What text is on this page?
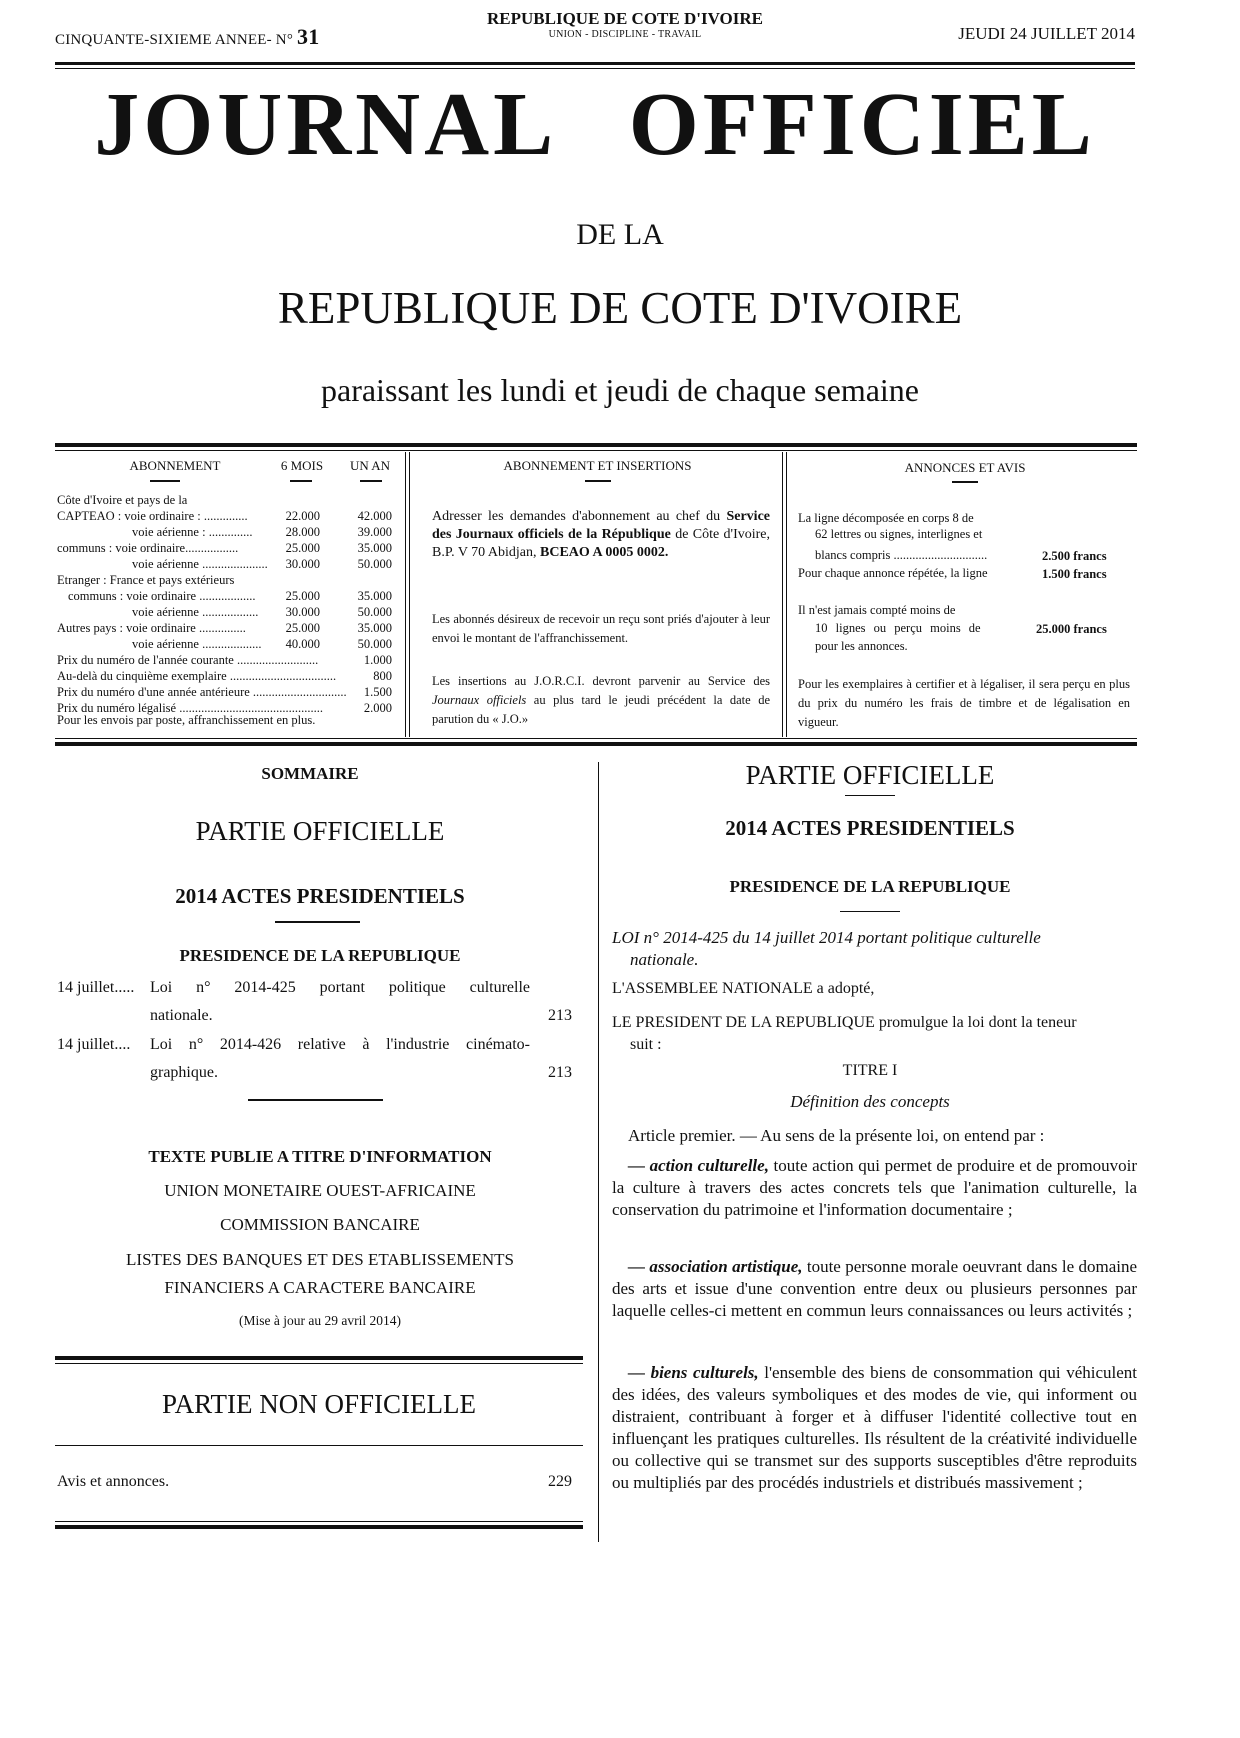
CINQUANTE-SIXIEME ANNEE- N° 31
REPUBLIQUE DE COTE D'IVOIRE
UNION - DISCIPLINE - TRAVAIL	JEUDI 24 JUILLET 2014
JOURNAL OFFICIEL
DE LA
REPUBLIQUE DE COTE D'IVOIRE
paraissant les lundi et jeudi de chaque semaine
ABONNEMENT	6 MOIS	UN AN
Côte d'Ivoire et pays de la
CAPTEAO : voie ordinaire : ..............	22.000	42.000
voie aérienne : ..............	28.000	39.000
communs : voie ordinaire.................	25.000	35.000
voie aérienne .....................	30.000	50.000
Etranger : France et pays extérieurs
communs : voie ordinaire ..................	25.000	35.000
voie aérienne ..................	30.000	50.000
Autres pays : voie ordinaire ...............	25.000	35.000
voie aérienne ...................	40.000	50.000
Prix du numéro de l'année courante ..........................	1.000
Au-delà du cinquième exemplaire ..................................	800
Prix du numéro d'une année antérieure ..............................	1.500
Prix du numéro légalisé ..............................................	2.000
Pour les envois par poste, affranchissement en plus.
ABONNEMENT ET INSERTIONS
Adresser les demandes d'abonnement au chef du Service des Journaux officiels de la République de Côte d'Ivoire, B.P. V 70 Abidjan, BCEAO A 0005 0002.
Les abonnés désireux de recevoir un reçu sont priés d'ajouter à leur envoi le montant de l'affranchissement.
Les insertions au J.O.R.C.I. devront parvenir au Service des Journaux officiels au plus tard le jeudi précédent la date de parution du « J.O.»
ANNONCES ET AVIS
La ligne décomposée en corps 8 de
62 lettres ou signes, interlignes et
blancs compris ..............................	2.500 francs
Pour chaque annonce répétée, la ligne	1.500 francs
Il n'est jamais compté moins de
10 lignes ou perçu moins de	25.000 francs
pour les annonces.
Pour les exemplaires à certifier et à légaliser, il sera perçu en plus du prix du numéro les frais de timbre et de légalisation en vigueur.
SOMMAIRE
PARTIE OFFICIELLE
2014 ACTES PRESIDENTIELS
PRESIDENCE DE LA REPUBLIQUE
14 juillet..... Loi n° 2014-425 portant politique culturelle
nationale.	213
14 juillet.... Loi n° 2014-426 relative à l'industrie cinémato-
graphique.	213
TEXTE PUBLIE A TITRE D'INFORMATION
UNION MONETAIRE OUEST-AFRICAINE
COMMISSION BANCAIRE
LISTES DES BANQUES ET DES ETABLISSEMENTS
FINANCIERS A CARACTERE BANCAIRE
(Mise à jour au 29 avril 2014)
PARTIE NON OFFICIELLE
Avis et annonces.	229
PARTIE OFFICIELLE
2014 ACTES PRESIDENTIELS
PRESIDENCE DE LA REPUBLIQUE
LOI n° 2014-425 du 14 juillet 2014 portant politique culturelle
nationale.
L'ASSEMBLEE NATIONALE a adopté,
LE PRESIDENT DE LA REPUBLIQUE promulgue la loi dont la teneur
suit :
TITRE I
Définition des concepts
Article premier. — Au sens de la présente loi, on entend par :
— action culturelle, toute action qui permet de produire et de promouvoir la culture à travers des actes concrets tels que l'animation culturelle, la conservation du patrimoine et l'information documentaire ;
— association artistique, toute personne morale oeuvrant dans le domaine des arts et issue d'une convention entre deux ou plusieurs personnes par laquelle celles-ci mettent en commun leurs connaissances ou leurs activités ;
— biens culturels, l'ensemble des biens de consommation qui véhiculent des idées, des valeurs symboliques et des modes de vie, qui informent ou distraient, contribuant à forger et à diffuser l'identité collective tout en influençant les pratiques culturelles. Ils résultent de la créativité individuelle ou collective qui se transmet sur des supports susceptibles d'être reproduits ou multipliés par des procédés industriels et distribués massivement ;
